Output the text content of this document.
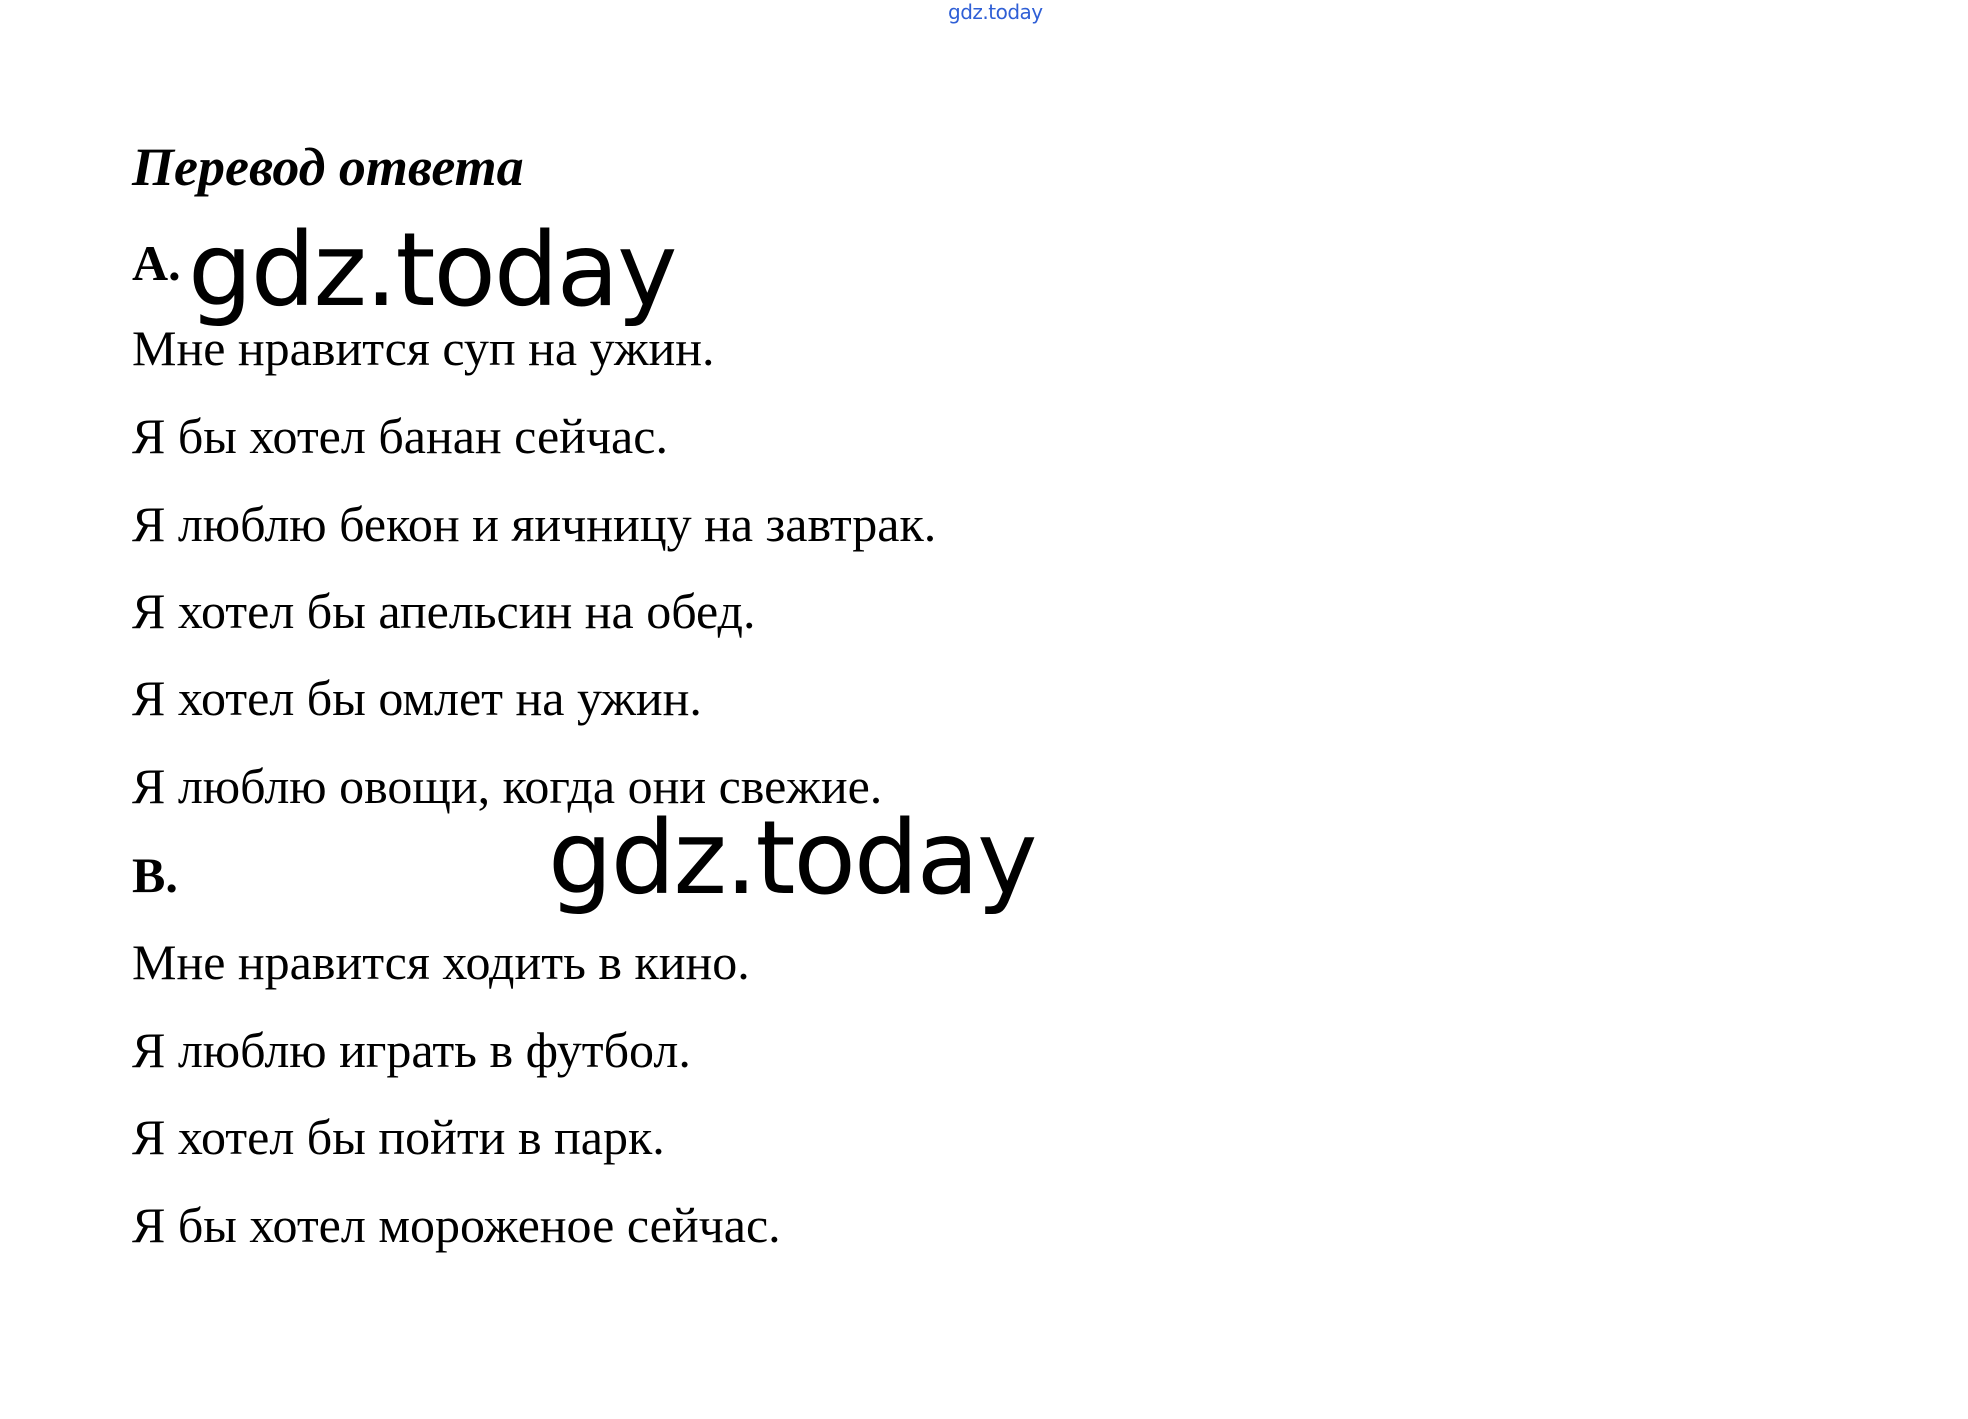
gdz.today
Перевод ответа
A. gdz.today
Мне нравится суп на ужин.
Я бы хотел банан сейчас.
Я люблю бекон и яичницу на завтрак.
Я хотел бы апельсин на обед.
Я хотел бы омлет на ужин.
Я люблю овощи, когда они свежие.
B.	gdz.today
Мне нравится ходить в кино.
Я люблю играть в футбол.
Я хотел бы пойти в парк.
Я бы хотел мороженое сейчас.
